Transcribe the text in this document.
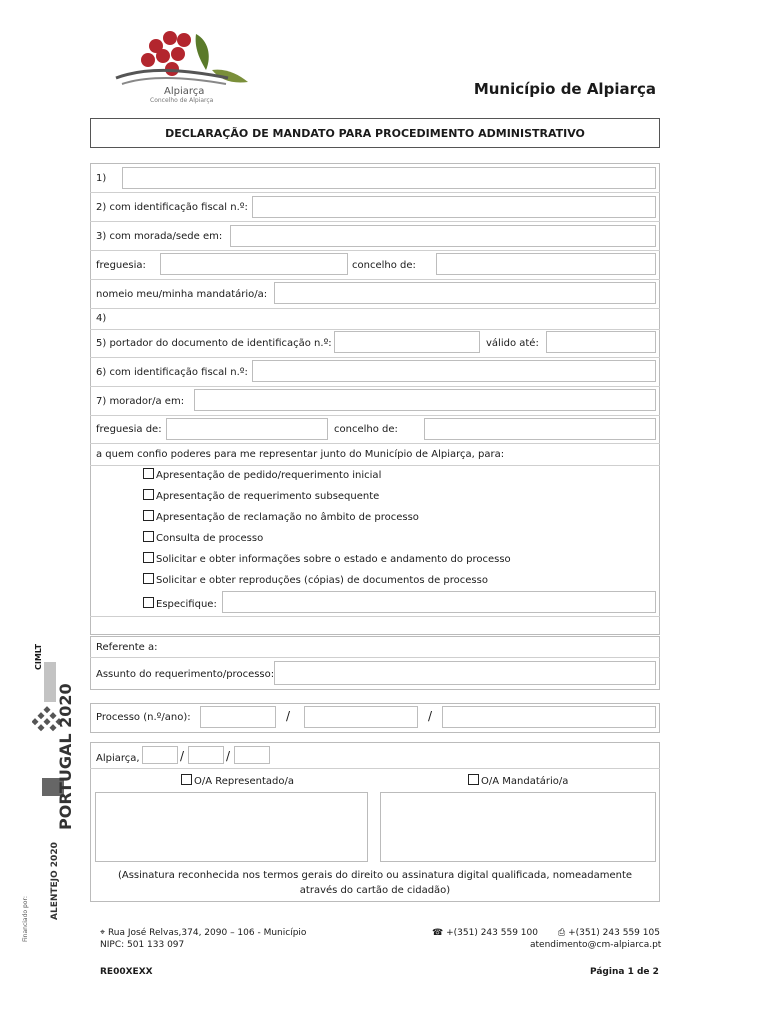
Alpiarça
Concelho de Alpiarça
Município de Alpiarça
DECLARAÇÃO DE MANDATO PARA PROCEDIMENTO ADMINISTRATIVO
1)
2) com identificação fiscal n.º:
3) com morada/sede em:
freguesia:	concelho de:
nomeio meu/minha mandatário/a:
4)
5) portador do documento de identificação n.º:	válido até:
6) com identificação fiscal n.º:
7) morador/a em:
freguesia de:	concelho de:
a quem confio poderes para me representar junto do Município de Alpiarça, para:
Apresentação de pedido/requerimento inicial
Apresentação de requerimento subsequente
Apresentação de reclamação no âmbito de processo
Consulta de processo
Solicitar e obter informações sobre o estado e andamento do processo
Solicitar e obter reproduções (cópias) de documentos de processo
Especifique:
Referente a:
Assunto do requerimento/processo:
Processo (n.º/ano):	/	/
Alpiarça,	/	/
O/A Representado/a	O/A Mandatário/a
(Assinatura reconhecida nos termos gerais do direito ou assinatura digital qualificada, nomeadamente através do cartão de cidadão)
⌖ Rua José Relvas,374, 2090 – 106 - Município
NIPC: 501 133 097
☎ +(351) 243 559 100 ⎙ +(351) 243 559 105
atendimento@cm-alpiarca.pt
RE00XEXX	Página 1 de 2
CIMLT
PORTUGAL 2020
ALENTEJO 2020
Financiado por:
